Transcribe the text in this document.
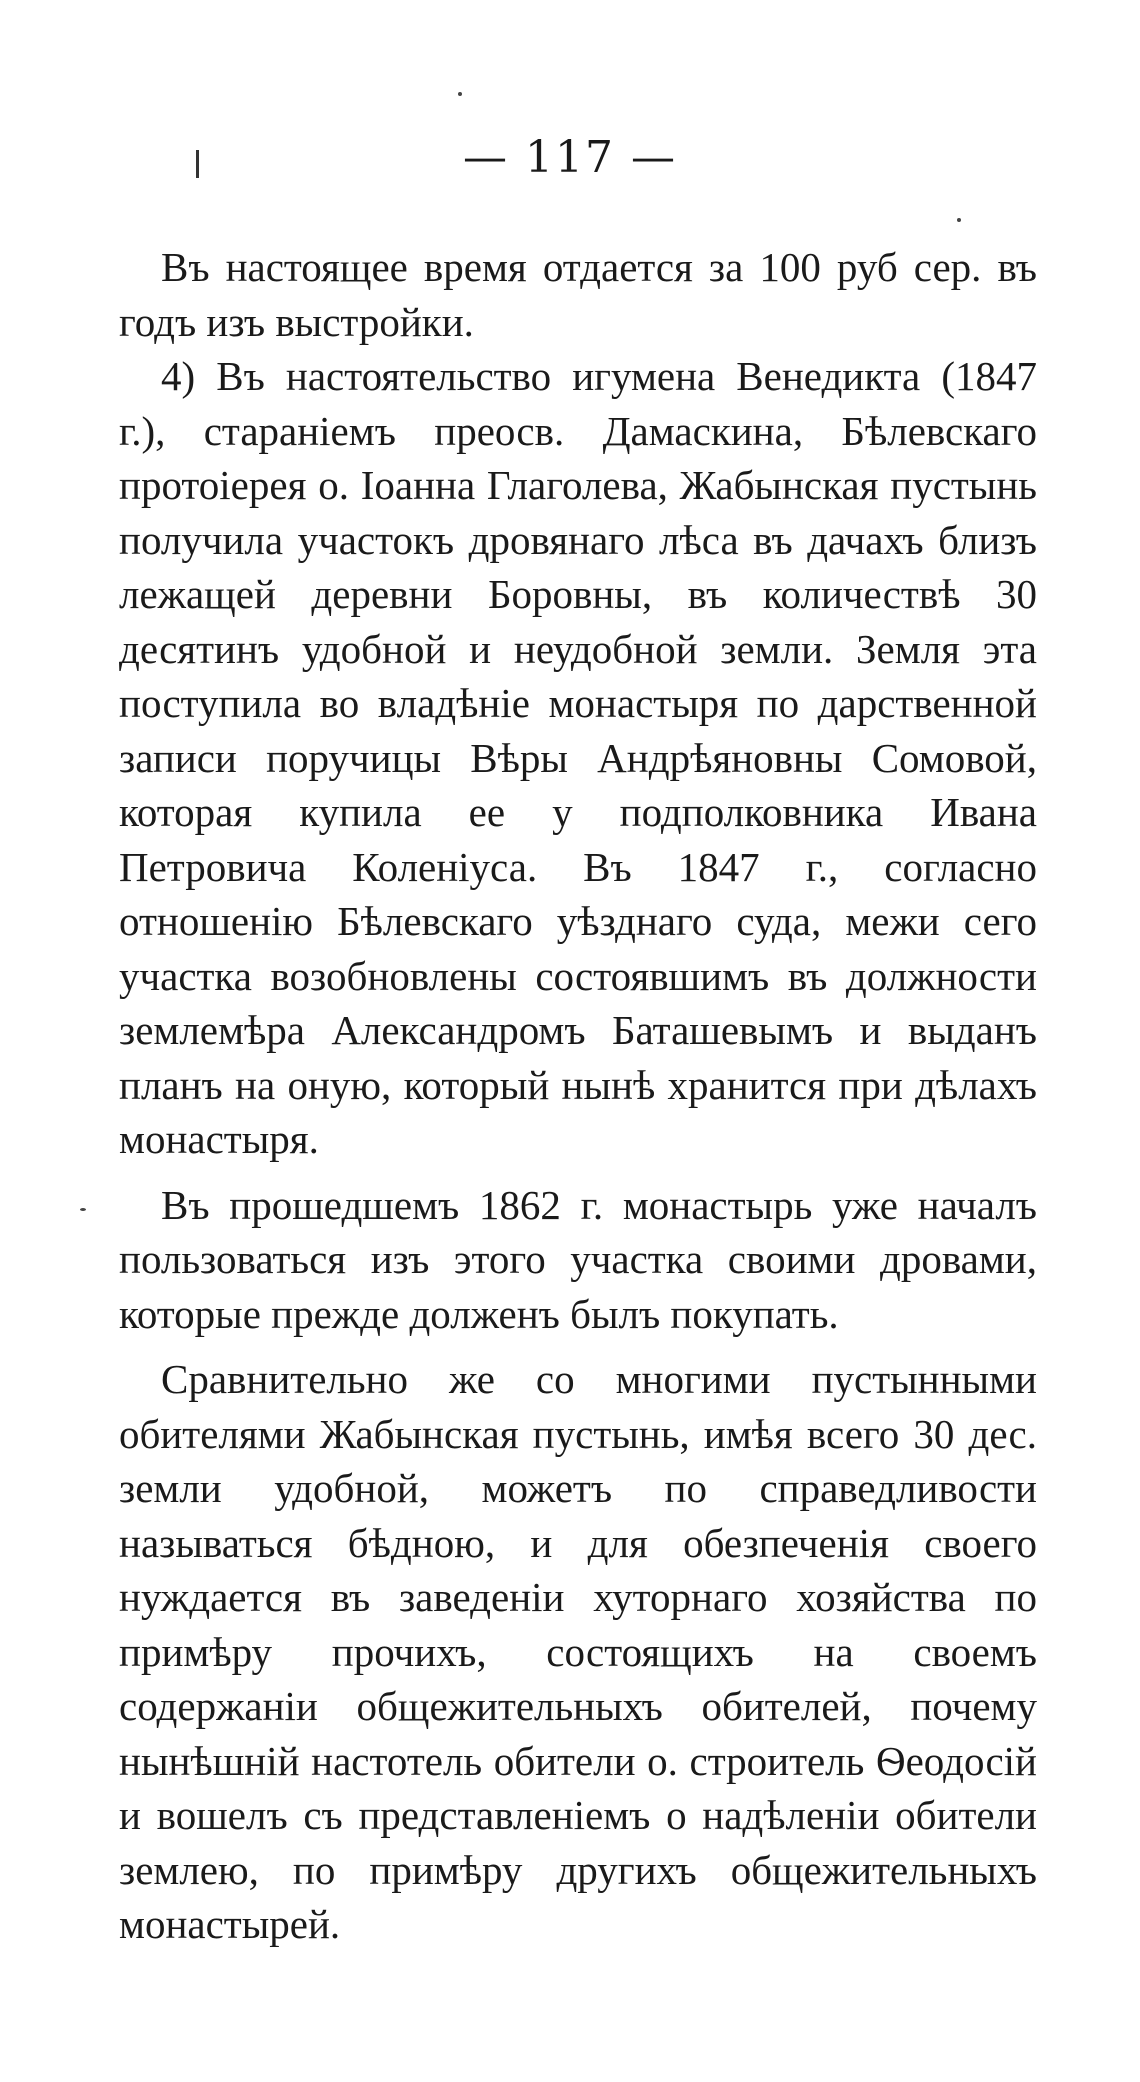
— 117 —

Въ настоящее время отдается за 100 руб сер. въ годъ изъ выстройки.

4) Въ настоятельство игумена Венедикта (1847 г.), стараніемъ преосв. Дамаскина, Бѣлевскаго протоіерея о. Іоанна Глаголева, Жабынская пустынь получила участокъ дровянаго лѣса въ дачахъ близъ лежащей деревни Боровны, въ количествѣ 30 десятинъ удобной и неудобной земли. Земля эта поступила во владѣніе монастыря по дарственной записи поручицы Вѣры Андрѣяновны Сомовой, которая купила ее у подполковника Ивана Петровича Коленіуса. Въ 1847 г., согласно отношенію Бѣлевскаго уѣзднаго суда, межи сего участка возобновлены состоявшимъ въ должности землемѣра Александромъ Баташевымъ и выданъ планъ на оную, который нынѣ хранится при дѣлахъ монастыря.

Въ прошедшемъ 1862 г. монастырь уже началъ пользоваться изъ этого участка своими дровами, которые прежде долженъ былъ покупать.

Сравнительно же со многими пустынными обителями Жабынская пустынь, имѣя всего 30 дес. земли удобной, можетъ по справедливости называться бѣдною, и для обезпеченія своего нуждается въ заведеніи хуторнаго хозяйства по примѣру прочихъ, состоящихъ на своемъ содержаніи общежительныхъ обителей, почему нынѣшній настотель обители о. строитель Ѳеодосій и вошелъ съ представленіемъ о надѣленіи обители землею, по примѣру другихъ общежительныхъ монастырей.
